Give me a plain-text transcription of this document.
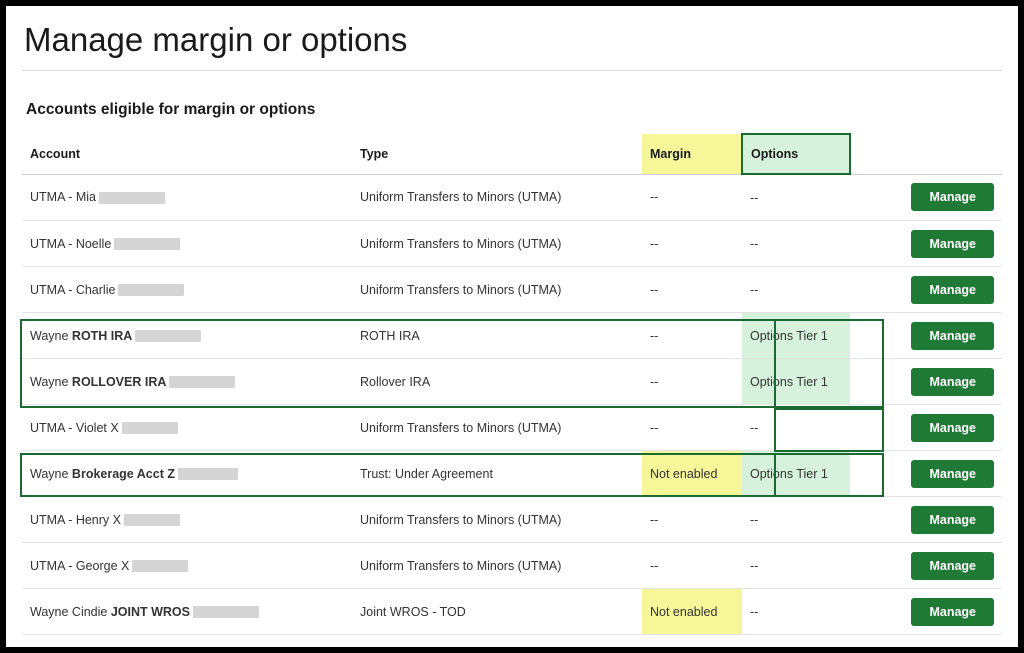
Manage margin or options
Accounts eligible for margin or options
Account	Type	Margin	Options	
UTMA - Mia	Uniform Transfers to Minors (UTMA)	--	--	Manage
UTMA - Noelle	Uniform Transfers to Minors (UTMA)	--	--	Manage
UTMA - Charlie	Uniform Transfers to Minors (UTMA)	--	--	Manage
Wayne ROTH IRA	ROTH IRA	--	Options Tier 1	Manage
Wayne ROLLOVER IRA	Rollover IRA	--	Options Tier 1	Manage
UTMA - Violet X	Uniform Transfers to Minors (UTMA)	--	--	Manage
Wayne Brokerage Acct Z	Trust: Under Agreement	Not enabled	Options Tier 1	Manage
UTMA - Henry X	Uniform Transfers to Minors (UTMA)	--	--	Manage
UTMA - George X	Uniform Transfers to Minors (UTMA)	--	--	Manage
Wayne Cindie JOINT WROS	Joint WROS - TOD	Not enabled	--	Manage
